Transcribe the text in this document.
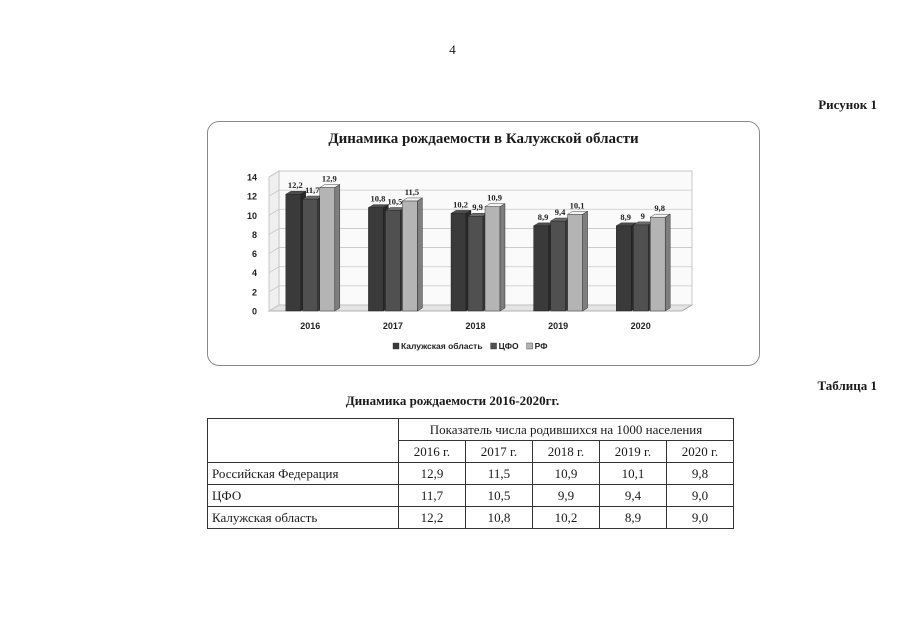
4
Рисунок 1
0
2
4
6
8
10
12
14
12,2 11,7
12,9
2016
10,8 10,5
11,5
2017
10,2 9,9
10,9
2018
8,9 9,4
10,1
2019
8,9 9
9,8
2020
Калужская область ЦФО РФ
Динамика рождаемости в Калужской области
Таблица 1
Динамика рождаемости 2016-2020гг.
	Показатель числа родившихся на 1000 населения				
	2016 г.	2017 г.	2018 г.	2019 г.	2020 г.
Российская Федерация	12,9	11,5	10,9	10,1	9,8
ЦФО	11,7	10,5	9,9	9,4	9,0
Калужская область	12,2	10,8	10,2	8,9	9,0
